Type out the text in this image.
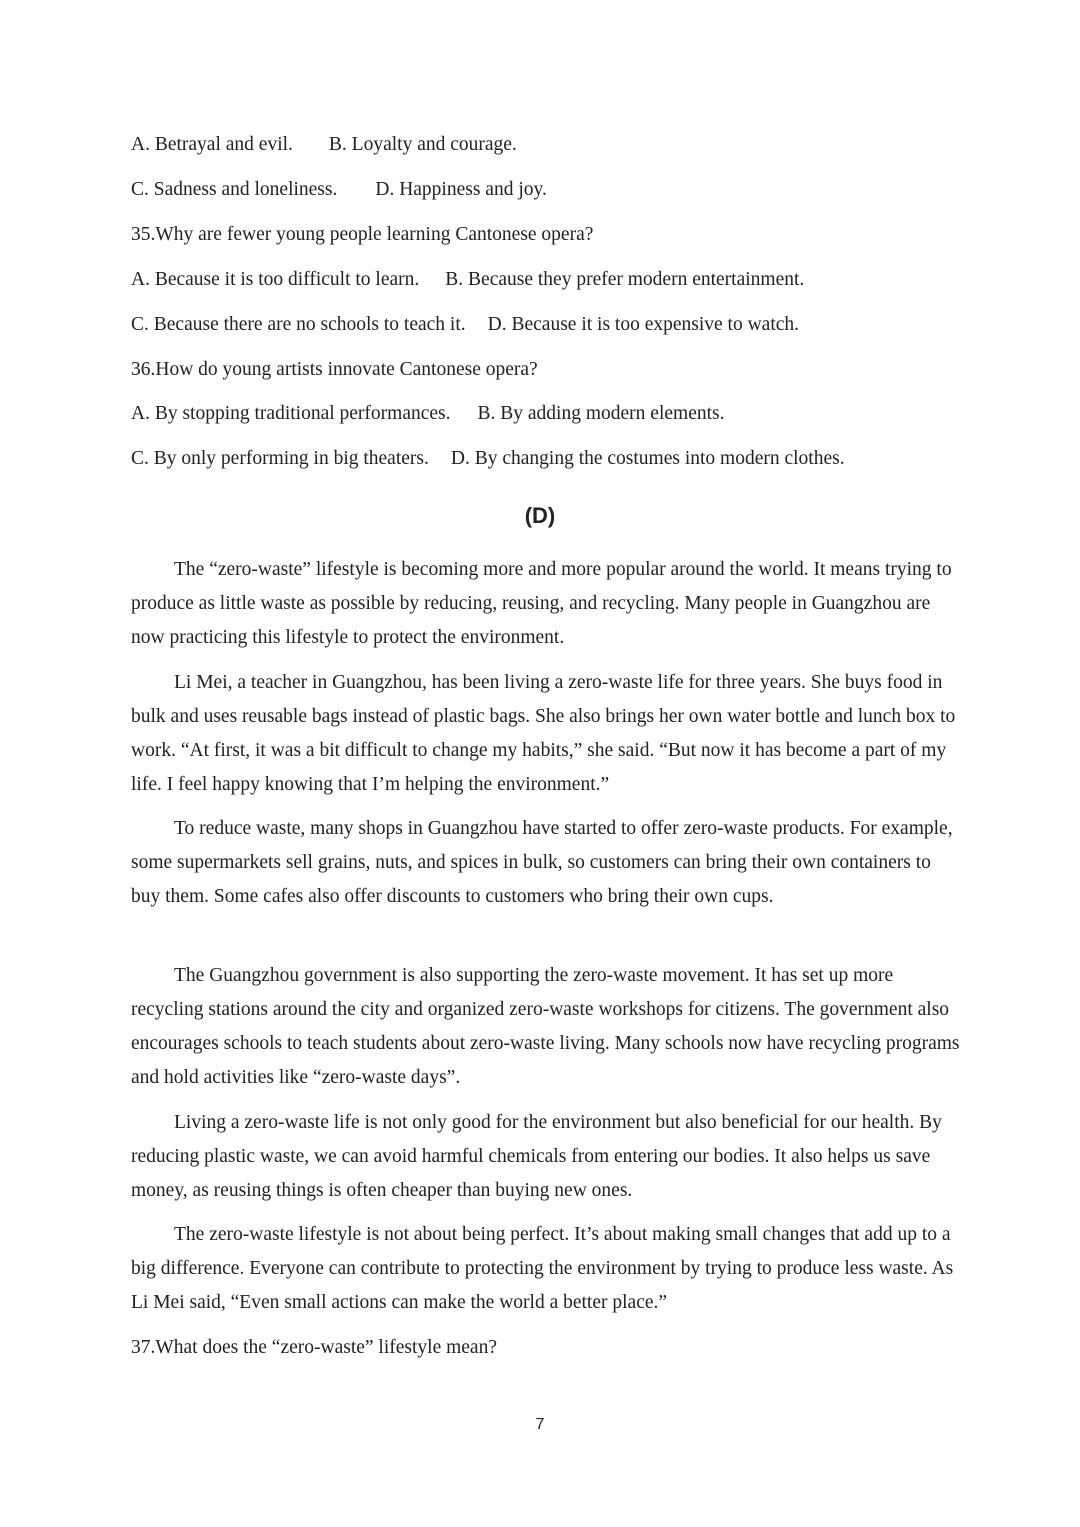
A. Betrayal and evil. B. Loyalty and courage.
C. Sadness and loneliness. D. Happiness and joy.
35.Why are fewer young people learning Cantonese opera?
A. Because it is too difficult to learn. B. Because they prefer modern entertainment.
C. Because there are no schools to teach it. D. Because it is too expensive to watch.
36.How do young artists innovate Cantonese opera?
A. By stopping traditional performances. B. By adding modern elements.
C. By only performing in big theaters. D. By changing the costumes into modern clothes.
(D)

The “zero-waste” lifestyle is becoming more and more popular around the world. It means trying to produce as little waste as possible by reducing, reusing, and recycling. Many people in Guangzhou are now practicing this lifestyle to protect the environment.

Li Mei, a teacher in Guangzhou, has been living a zero-waste life for three years. She buys food in bulk and uses reusable bags instead of plastic bags. She also brings her own water bottle and lunch box to work. “At first, it was a bit difficult to change my habits,” she said. “But now it has become a part of my life. I feel happy knowing that I’m helping the environment.”

To reduce waste, many shops in Guangzhou have started to offer zero-waste products. For example, some supermarkets sell grains, nuts, and spices in bulk, so customers can bring their own containers to buy them. Some cafes also offer discounts to customers who bring their own cups.

The Guangzhou government is also supporting the zero-waste movement. It has set up more recycling stations around the city and organized zero-waste workshops for citizens. The government also encourages schools to teach students about zero-waste living. Many schools now have recycling programs and hold activities like “zero-waste days”.

Living a zero-waste life is not only good for the environment but also beneficial for our health. By reducing plastic waste, we can avoid harmful chemicals from entering our bodies. It also helps us save money, as reusing things is often cheaper than buying new ones.

The zero-waste lifestyle is not about being perfect. It’s about making small changes that add up to a big difference. Everyone can contribute to protecting the environment by trying to produce less waste. As Li Mei said, “Even small actions can make the world a better place.”

37.What does the “zero-waste” lifestyle mean?
7
